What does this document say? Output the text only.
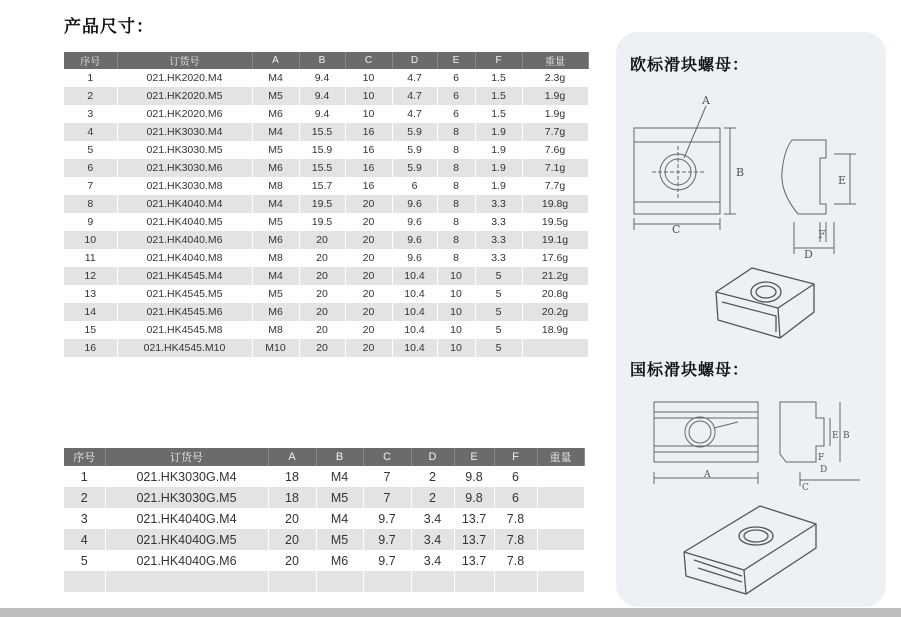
产品尺寸：
序号	订货号	A	B	C	D	E	F	重量
1	021.HK2020.M4	M4	9.4	10	4.7	6	1.5	2.3g
2	021.HK2020.M5	M5	9.4	10	4.7	6	1.5	1.9g
3	021.HK2020.M6	M6	9.4	10	4.7	6	1.5	1.9g
4	021.HK3030.M4	M4	15.5	16	5.9	8	1.9	7.7g
5	021.HK3030.M5	M5	15.9	16	5.9	8	1.9	7.6g
6	021.HK3030.M6	M6	15.5	16	5.9	8	1.9	7.1g
7	021.HK3030.M8	M8	15.7	16	6	8	1.9	7.7g
8	021.HK4040.M4	M4	19.5	20	9.6	8	3.3	19.8g
9	021.HK4040.M5	M5	19.5	20	9.6	8	3.3	19.5g
10	021.HK4040.M6	M6	20	20	9.6	8	3.3	19.1g
11	021.HK4040.M8	M8	20	20	9.6	8	3.3	17.6g
12	021.HK4545.M4	M4	20	20	10.4	10	5	21.2g
13	021.HK4545.M5	M5	20	20	10.4	10	5	20.8g
14	021.HK4545.M6	M6	20	20	10.4	10	5	20.2g
15	021.HK4545.M8	M8	20	20	10.4	10	5	18.9g
16	021.HK4545.M10	M10	20	20	10.4	10	5	

序号	订货号	A	B	C	D	E	F	重量
1	021.HK3030G.M4	18	M4	7	2	9.8	6	
2	021.HK3030G.M5	18	M5	7	2	9.8	6	
3	021.HK4040G.M4	20	M4	9.7	3.4	13.7	7.8	
4	021.HK4040G.M5	20	M5	9.7	3.4	13.7	7.8	
5	021.HK4040G.M6	20	M6	9.7	3.4	13.7	7.8	

欧标滑块螺母：
国标滑块螺母：
A
C
B
E
F
D
A
C
D
E B
F
